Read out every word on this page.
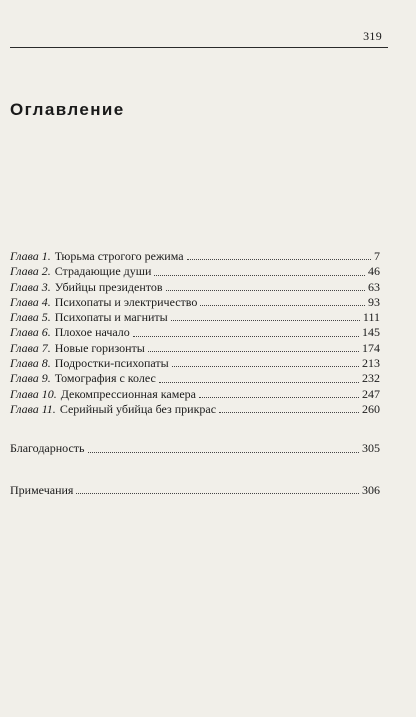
319
Оглавление
Глава 1. Тюрьма строгого режима	7
Глава 2. Страдающие души	46
Глава 3. Убийцы президентов	63
Глава 4. Психопаты и электричество	93
Глава 5. Психопаты и магниты	111
Глава 6. Плохое начало	145
Глава 7. Новые горизонты	174
Глава 8. Подростки-психопаты	213
Глава 9. Томография с колес	232
Глава 10. Декомпрессионная камера	247
Глава 11. Серийный убийца без прикрас	260
Благодарность	305
Примечания	306
